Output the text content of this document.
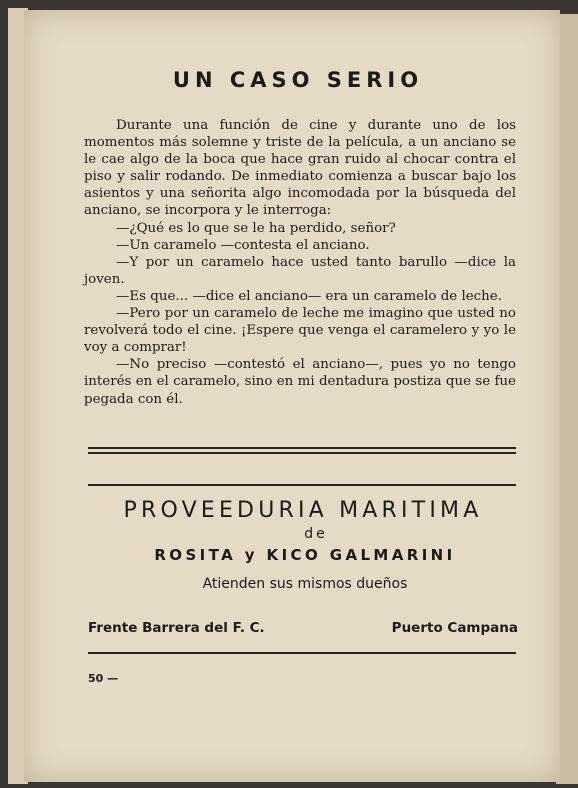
UN CASO SERIO

Durante una función de cine y durante uno de los momentos más solemne y triste de la película, a un anciano se le cae algo de la boca que hace gran ruido al chocar contra el piso y salir rodando. De inmediato comienza a buscar bajo los asientos y una señorita algo incomodada por la búsqueda del anciano, se incorpora y le interroga:

—¿Qué es lo que se le ha perdido, señor?

—Un caramelo —contesta el anciano.

—Y por un caramelo hace usted tanto barullo —dice la joven.

—Es que... —dice el anciano— era un caramelo de leche.

—Pero por un caramelo de leche me imagino que usted no revolverá todo el cine. ¡Espere que venga el caramelero y yo le voy a comprar!

—No preciso —contestó el anciano—, pues yo no tengo interés en el caramelo, sino en mi dentadura postiza que se fue pegada con él.

PROVEEDURIA MARITIMA
de
ROSITA y KICO GALMARINI
Atienden sus mismos dueños
Frente Barrera del F. C.	Puerto Campana
50 —
